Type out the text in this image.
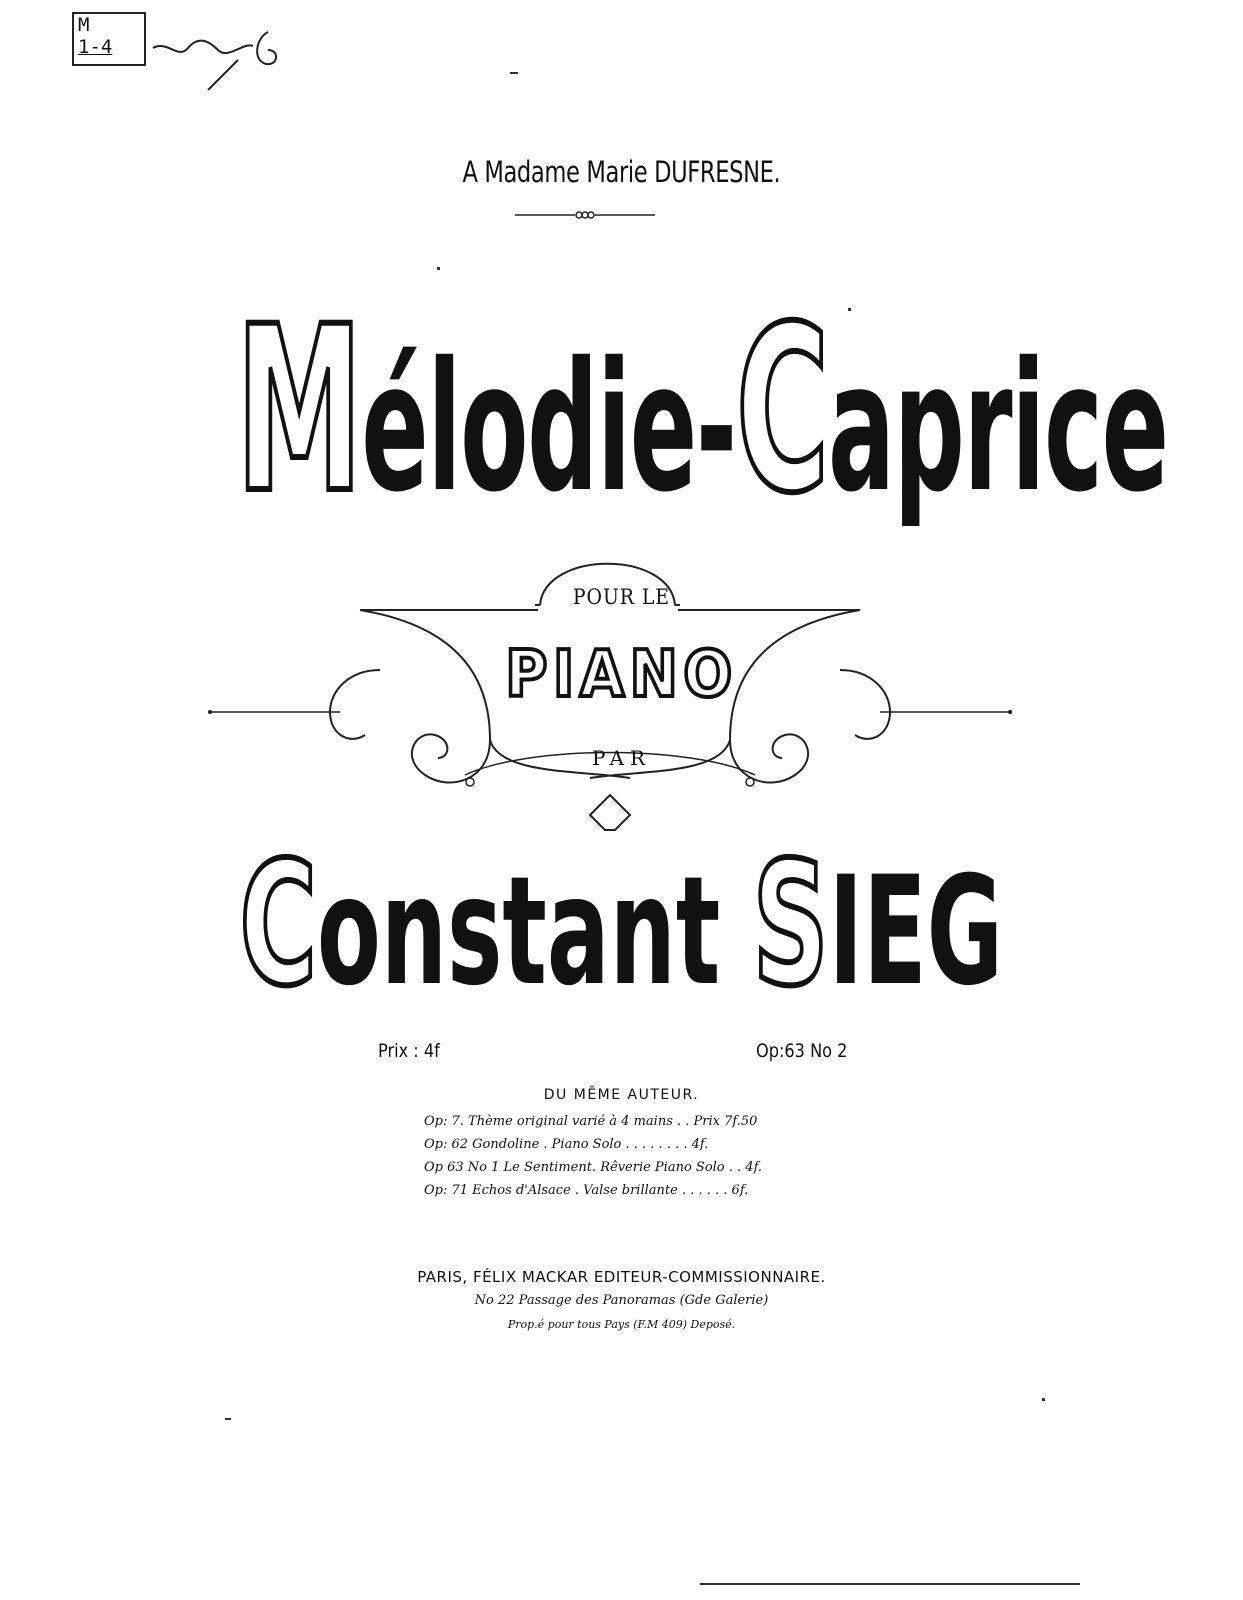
M
1-4
A Madame Marie DUFRESNE.
Mélodie-Caprice
POUR LE
PIANO
PAR
Constant SIEG
Prix : 4f	Op:63 No 2
DU MÊME AUTEUR.
Op: 7. Thème original varié à 4 mains . . Prix 7f.50
Op: 62 Gondoline . Piano Solo . . . . . . . . 4f.
Op 63 No 1 Le Sentiment. Rêverie Piano Solo . . 4f.
Op: 71 Echos d'Alsace . Valse brillante . . . . . . 6f.
PARIS, FÉLIX MACKAR EDITEUR-COMMISSIONNAIRE.
No 22 Passage des Panoramas (Gde Galerie)
Prop.é pour tous Pays (F.M 409) Deposé.
